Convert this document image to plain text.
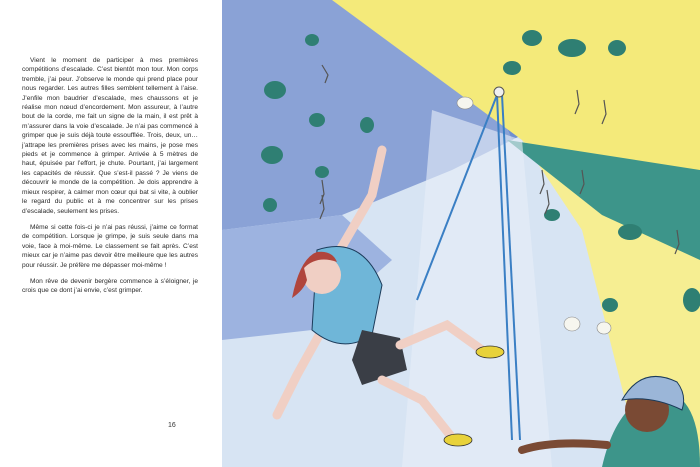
Vient le moment de participer à mes premières compétitions d’escalade. C’est bientôt mon tour. Mon corps tremble, j’ai peur. J’observe le monde qui prend place pour nous regarder. Les autres filles semblent tellement à l’aise. J’enfile mon baudrier d’escalade, mes chaussons et je réalise mon nœud d’encordement. Mon assureur, à l’autre bout de la corde, me fait un signe de la main, il est prêt à m’assurer dans la voie d’escalade. Je n’ai pas commencé à grimper que je suis déjà toute essoufflée. Trois, deux, un… j’attrape les premières prises avec les mains, je pose mes pieds et je commence à grimper. Arrivée à 5 mètres de haut, épuisée par l’effort, je chute. Pourtant, j’ai largement les capacités de réussir. Que s’est-il passé ? Je viens de découvrir le monde de la compétition. Je dois apprendre à mieux respirer, à calmer mon cœur qui bat si vite, à oublier le regard du public et à me concentrer sur les prises d’escalade, seulement les prises.

Même si cette fois-ci je n’ai pas réussi, j’aime ce format de compétition. Lorsque je grimpe, je suis seule dans ma voie, face à moi-même. Le classement se fait après. C’est mieux car je n’aime pas devoir être meilleure que les autres pour réussir. Je préfère me dépasser moi-même !

Mon rêve de devenir bergère commence à s’éloigner, je crois que ce dont j’ai envie, c’est grimper.

16
